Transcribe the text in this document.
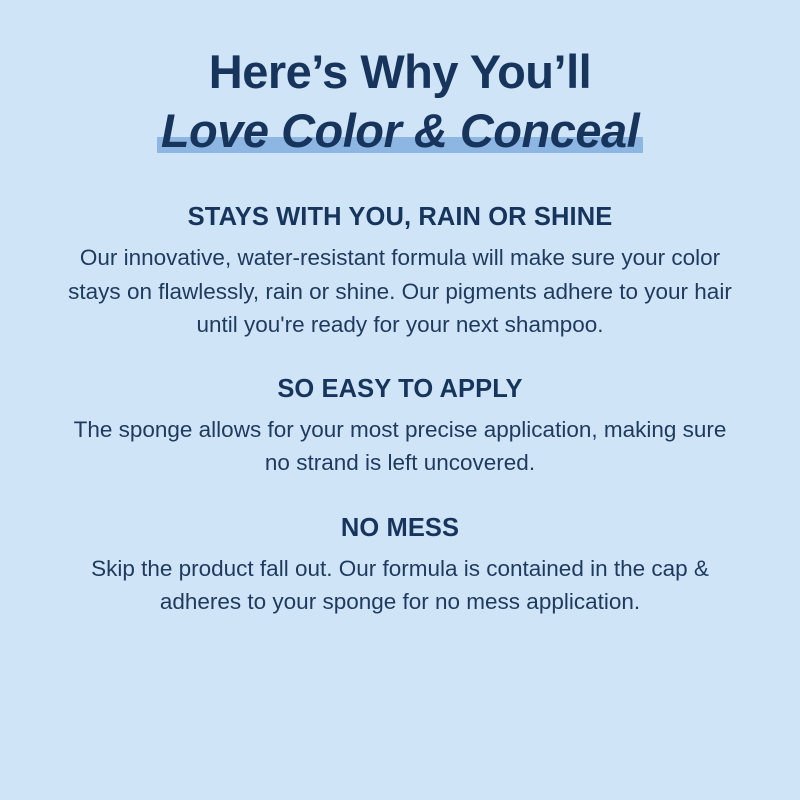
Here’s Why You’ll
Love Color & Conceal
STAYS WITH YOU, RAIN OR SHINE

Our innovative, water-resistant formula will make sure your color stays on flawlessly, rain or shine. Our pigments adhere to your hair until you're ready for your next shampoo.

SO EASY TO APPLY

The sponge allows for your most precise application, making sure no strand is left uncovered.

NO MESS

Skip the product fall out. Our formula is contained in the cap & adheres to your sponge for no mess application.
